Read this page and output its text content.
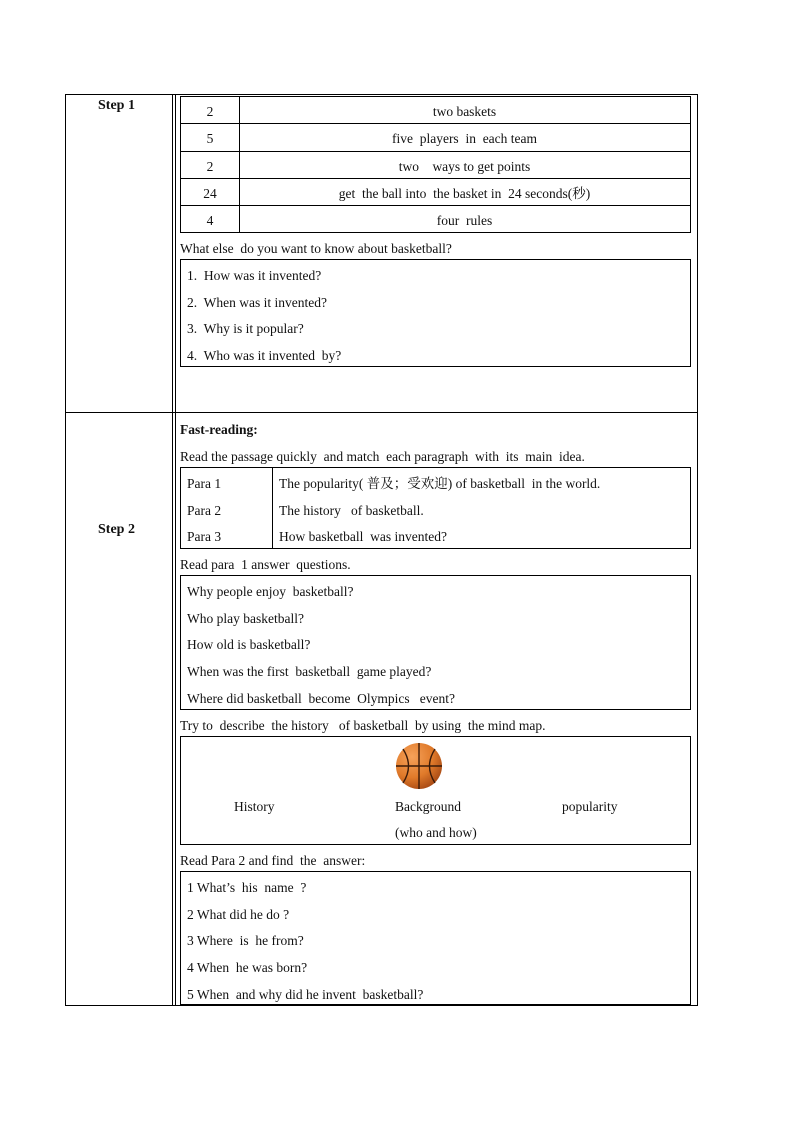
Step 1	2	two baskets
5	five  players  in  each team
2	two    ways to get points
24	get  the ball into  the basket in  24 seconds(秒)
4	four  rules
What else  do you want to know about basketball?
1.  How was it invented?
2.  When was it invented?
3.  Why is it popular?
4.  Who was it invented  by?
Step 2
Fast-reading:
Read the passage quickly  and match  each paragraph  with  its  main  idea.
Para 1	The popularity( 普及；受欢迎) of basketball  in the world.
Para 2	The history   of basketball.
Para 3	How basketball  was invented?
Read para  1 answer  questions.
Why people enjoy  basketball?
Who play basketball?
How old is basketball?
When was the first  basketball  game played?
Where did basketball  become  Olympics   event?
Try to  describe  the history   of basketball  by using  the mind map.
History	Background	popularity
(who and how)
Read Para 2 and find  the  answer:
1 What’s  his  name  ?
2 What did he do ?
3 Where  is  he from?
4 When  he was born?
5 When  and why did he invent  basketball?
